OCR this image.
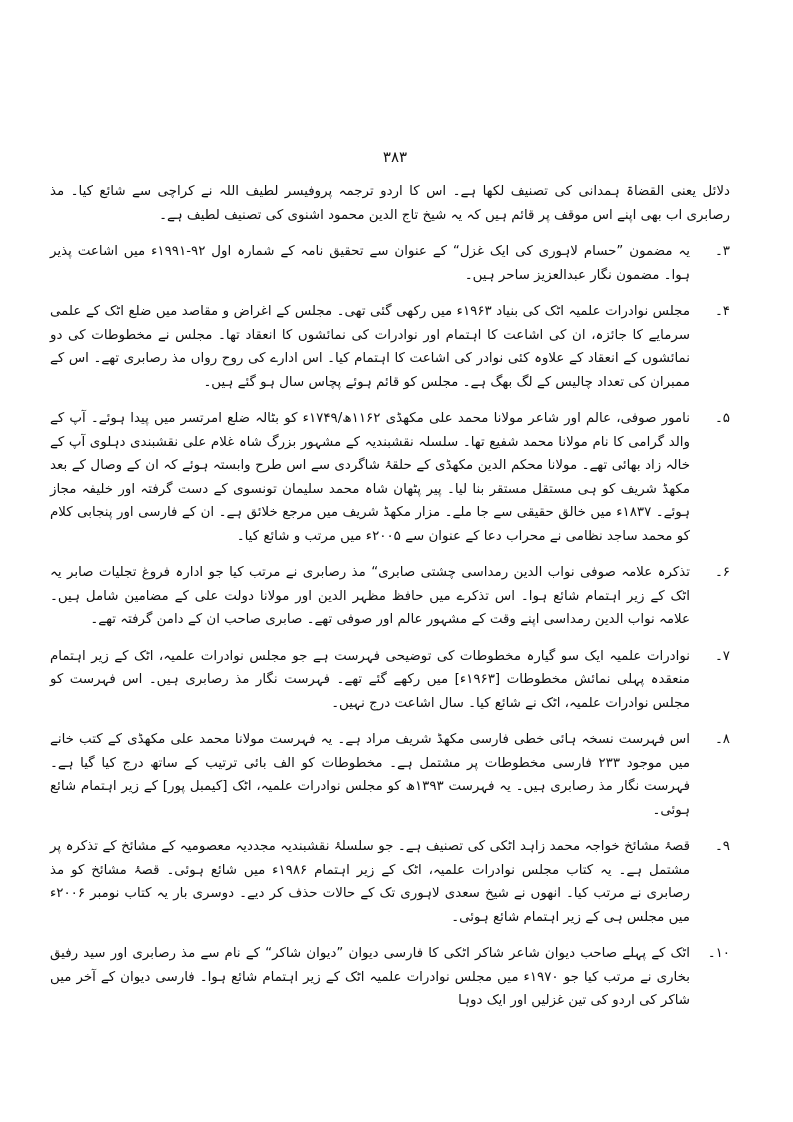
۳۸۳
دلائل یعنی القضاۃ ہمدانی کی تصنیف لکھا ہے۔ اس کا اردو ترجمہ پروفیسر لطیف اللہ نے کراچی سے شائع کیا۔ مذ رصابری اب بھی اپنے اس موقف پر قائم ہیں کہ یہ شیخ تاج الدین محمود اشنوی کی تصنیف لطیف ہے۔
۳۔
یہ مضمون ”حسام لاہوری کی ایک غزل“ کے عنوان سے تحقیق نامہ کے شمارہ اول ۹۲-۱۹۹۱ء میں اشاعت پذیر ہوا۔ مضمون نگار عبدالعزیز ساحر ہیں۔
۴۔
مجلس نوادرات علمیہ اٹک کی بنیاد ۱۹۶۳ء میں رکھی گئی تھی۔ مجلس کے اغراض و مقاصد میں ضلع اٹک کے علمی سرمایے کا جائزہ، ان کی اشاعت کا اہتمام اور نوادرات کی نمائشوں کا انعقاد تھا۔ مجلس نے مخطوطات کی دو نمائشوں کے انعقاد کے علاوہ کئی نوادر کی اشاعت کا اہتمام کیا۔ اس ادارے کی روح رواں مذ رصابری تھے۔ اس کے ممبران کی تعداد چالیس کے لگ بھگ ہے۔ مجلس کو قائم ہوئے پچاس سال ہو گئے ہیں۔
۵۔
نامور صوفی، عالم اور شاعر مولانا محمد علی مکھڈی ۱۱۶۲ھ/۱۷۴۹ء کو بٹالہ ضلع امرتسر میں پیدا ہوئے۔ آپ کے والد گرامی کا نام مولانا محمد شفیع تھا۔ سلسلہ نقشبندیہ کے مشہور بزرگ شاہ غلام علی نقشبندی دہلوی آپ کے خالہ زاد بھائی تھے۔ مولانا محکم الدین مکھڈی کے حلقۂ شاگردی سے اس طرح وابستہ ہوئے کہ ان کے وصال کے بعد مکھڈ شریف کو ہی مستقل مستقر بنا لیا۔ پیر پٹھان شاہ محمد سلیمان تونسوی کے دست گرفتہ اور خلیفہ مجاز ہوئے۔ ۱۸۳۷ء میں خالق حقیقی سے جا ملے۔ مزار مکھڈ شریف میں مرجع خلائق ہے۔ ان کے فارسی اور پنجابی کلام کو محمد ساجد نظامی نے محراب دعا کے عنوان سے ۲۰۰۵ء میں مرتب و شائع کیا۔
۶۔
تذکرہ علامہ صوفی نواب الدین رمداسی چشتی صابری“ مذ رصابری نے مرتب کیا جو ادارہ فروغ تجلیات صابر یہ اٹک کے زیر اہتمام شائع ہوا۔ اس تذکرے میں حافظ مظہر الدین اور مولانا دولت علی کے مضامین شامل ہیں۔ علامہ نواب الدین رمداسی اپنے وقت کے مشہور عالم اور صوفی تھے۔ صابری صاحب ان کے دامن گرفتہ تھے۔
۷۔
نوادرات علمیہ ایک سو گیارہ مخطوطات کی توضیحی فہرست ہے جو مجلس نوادرات علمیہ، اٹک کے زیر اہتمام منعقدہ پہلی نمائش مخطوطات [۱۹۶۳ء] میں رکھے گئے تھے۔ فہرست نگار مذ رصابری ہیں۔ اس فہرست کو مجلس نوادرات علمیہ، اٹک نے شائع کیا۔ سال اشاعت درج نہیں۔
۸۔
اس فہرست نسخہ ہائی خطی فارسی مکھڈ شریف مراد ہے۔ یہ فہرست مولانا محمد علی مکھڈی کے کتب خانے میں موجود ۲۳۳ فارسی مخطوطات پر مشتمل ہے۔ مخطوطات کو الف بائی ترتیب کے ساتھ درج کیا گیا ہے۔ فہرست نگار مذ رصابری ہیں۔ یہ فہرست ۱۳۹۳ھ کو مجلس نوادرات علمیہ، اٹک [کیمبل پور] کے زیر اہتمام شائع ہوئی۔
۹۔
قصۂ مشائخ خواجہ محمد زاہد اٹکی کی تصنیف ہے۔ جو سلسلۂ نقشبندیہ مجددیہ معصومیہ کے مشائخ کے تذکرہ پر مشتمل ہے۔ یہ کتاب مجلس نوادرات علمیہ، اٹک کے زیر اہتمام ۱۹۸۶ء میں شائع ہوئی۔ قصۂ مشائخ کو مذ رصابری نے مرتب کیا۔ انھوں نے شیخ سعدی لاہوری تک کے حالات حذف کر دیے۔ دوسری بار یہ کتاب نومبر ۲۰۰۶ء میں مجلس ہی کے زیر اہتمام شائع ہوئی۔
۱۰۔
اٹک کے پہلے صاحب دیوان شاعر شاکر اٹکی کا فارسی دیوان ”دیوان شاکر“ کے نام سے مذ رصابری اور سید رفیق بخاری نے مرتب کیا جو ۱۹۷۰ء میں مجلس نوادرات علمیہ اٹک کے زیر اہتمام شائع ہوا۔ فارسی دیوان کے آخر میں شاکر کی اردو کی تین غزلیں اور ایک دوہا
